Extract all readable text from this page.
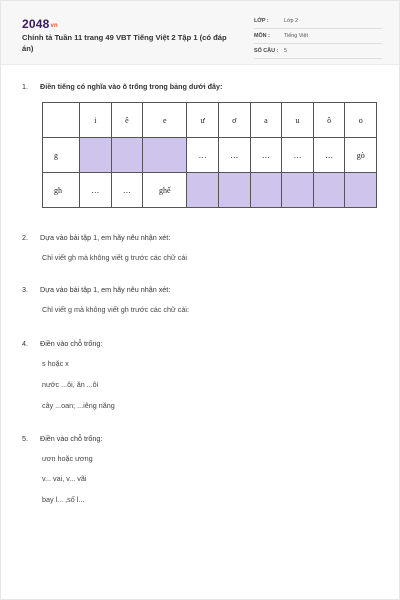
2048vn
Chính tả Tuần 11 trang 49 VBT Tiếng Việt 2 Tập 1 (có đáp án)
LỚP :	Lớp 2
MÔN :	Tiếng Việt
SỐ CÂU : 5
1. Điền tiếng có nghĩa vào ô trống trong bảng dưới đây:
	i	ê	e	ư	ơ	a	u	ô	o
g				…	…	…	…	…	gò
gh	…	…	ghế						
2. Dựa vào bài tập 1, em hãy nêu nhận xét:
Chỉ viết gh mà không viết g trước các chữ cái
3. Dựa vào bài tập 1, em hãy nêu nhận xét:
Chỉ viết g mà không viết gh trước các chữ cái:
4. Điền vào chỗ trống:
s hoặc x
nước ...ôi, ăn ...ôi
cây ...oan; ...iêng năng
5. Điền vào chỗ trống:
ươn hoặc ương
v... vai, v... vãi
bay l... ,số l...
